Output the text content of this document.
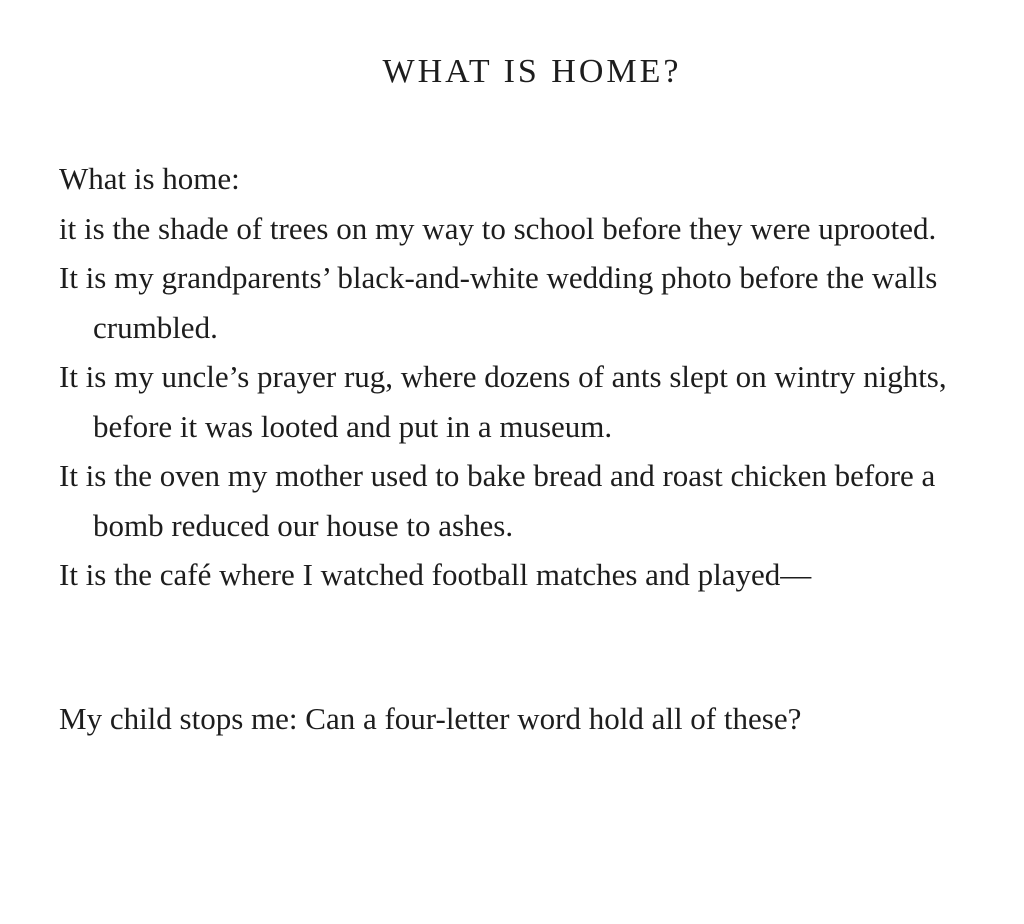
WHAT IS HOME?
What is home:
it is the shade of trees on my way to school before they were uprooted.
It is my grandparents’ black-and-white wedding photo before the walls crumbled.
It is my uncle’s prayer rug, where dozens of ants slept on wintry nights, before it was looted and put in a museum.
It is the oven my mother used to bake bread and roast chicken before a bomb reduced our house to ashes.
It is the café where I watched football matches and played—
My child stops me: Can a four-letter word hold all of these?
